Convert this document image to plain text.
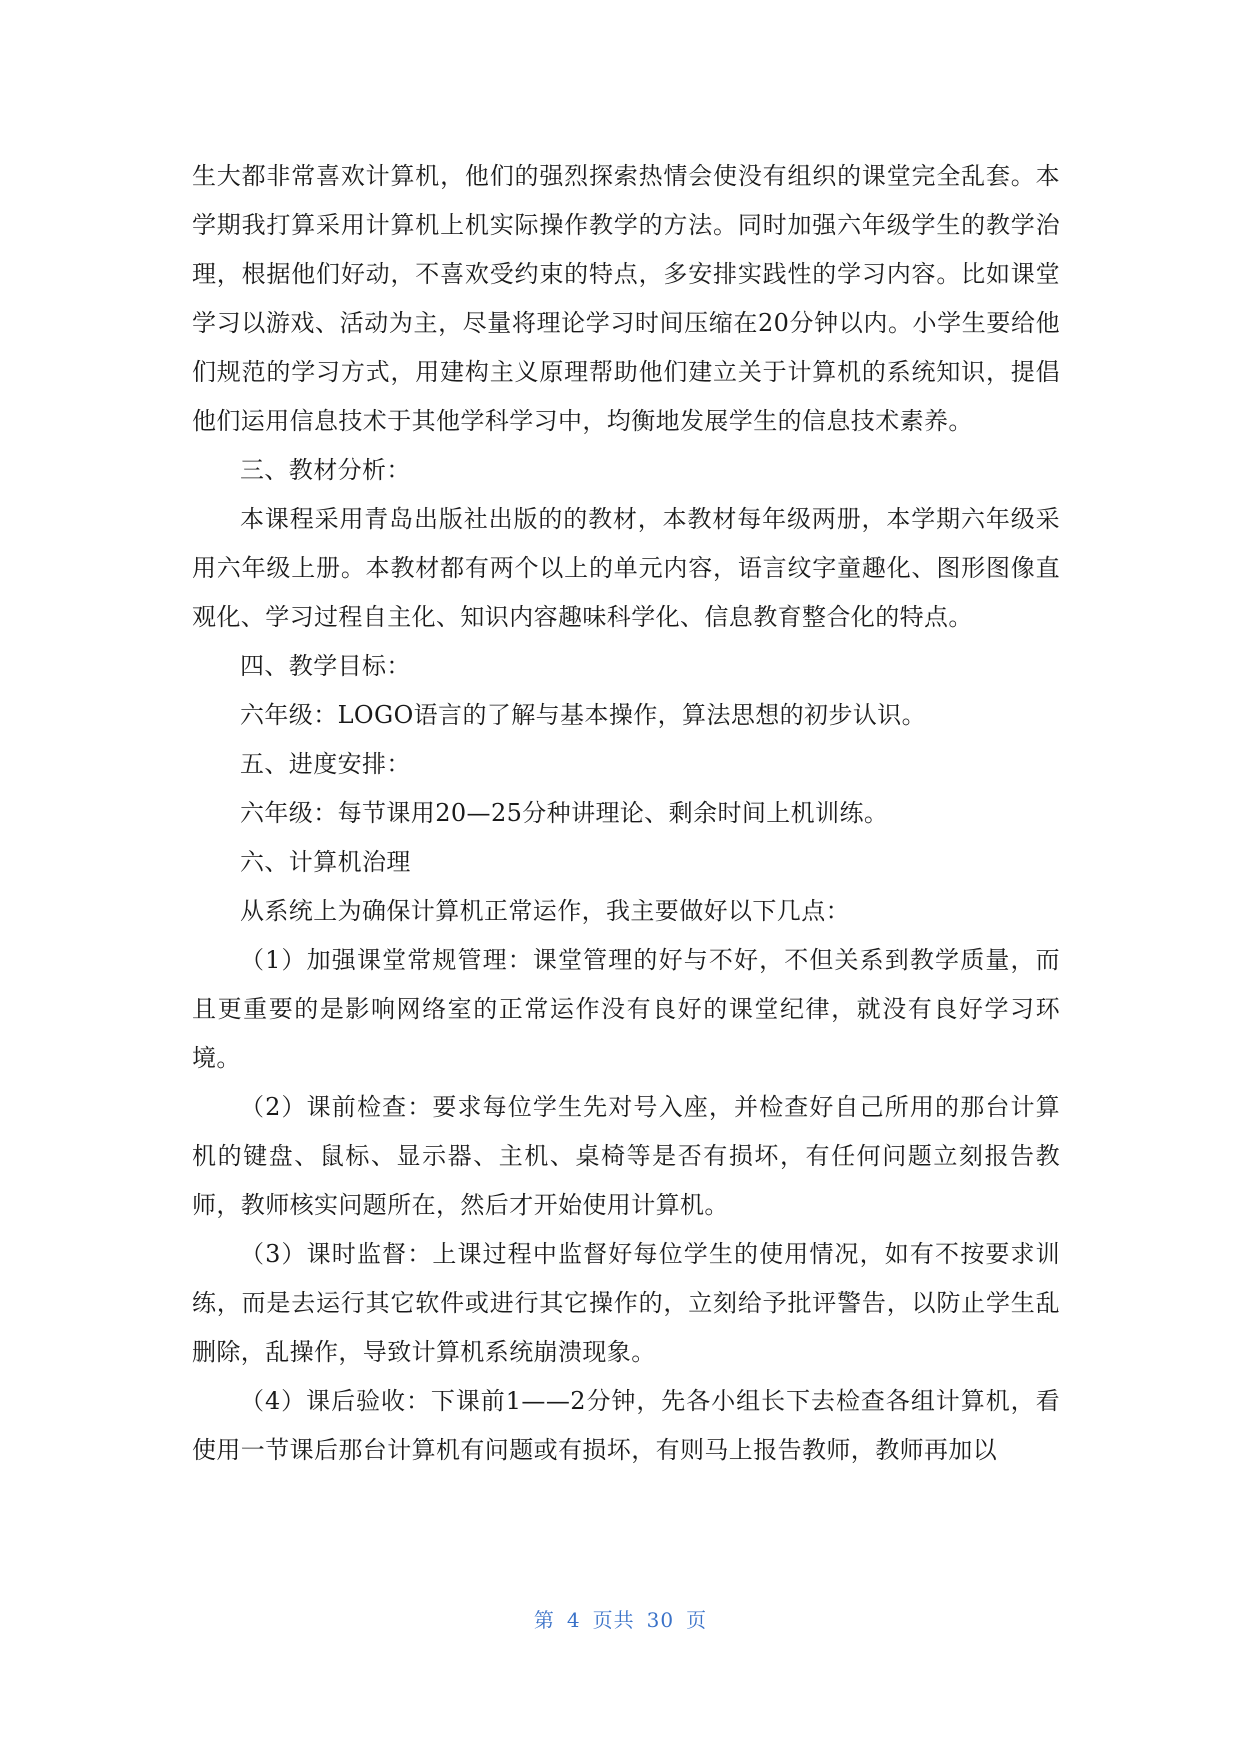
生大都非常喜欢计算机，他们的强烈探索热情会使没有组织的课堂完全乱套。本学期我打算采用计算机上机实际操作教学的方法。同时加强六年级学生的教学治理，根据他们好动，不喜欢受约束的特点，多安排实践性的学习内容。比如课堂学习以游戏、活动为主，尽量将理论学习时间压缩在20分钟以内。小学生要给他们规范的学习方式，用建构主义原理帮助他们建立关于计算机的系统知识，提倡他们运用信息技术于其他学科学习中，均衡地发展学生的信息技术素养。

三、教材分析：

本课程采用青岛出版社出版的的教材，本教材每年级两册，本学期六年级采用六年级上册。本教材都有两个以上的单元内容，语言纹字童趣化、图形图像直观化、学习过程自主化、知识内容趣味科学化、信息教育整合化的特点。

四、教学目标：

六年级：LOGO语言的了解与基本操作，算法思想的初步认识。

五、进度安排：

六年级：每节课用20—25分种讲理论、剩余时间上机训练。

六、计算机治理

从系统上为确保计算机正常运作，我主要做好以下几点：

（1）加强课堂常规管理：课堂管理的好与不好，不但关系到教学质量，而且更重要的是影响网络室的正常运作没有良好的课堂纪律，就没有良好学习环境。

（2）课前检查：要求每位学生先对号入座，并检查好自己所用的那台计算机的键盘、鼠标、显示器、主机、桌椅等是否有损坏，有任何问题立刻报告教师，教师核实问题所在，然后才开始使用计算机。

（3）课时监督：上课过程中监督好每位学生的使用情况，如有不按要求训练，而是去运行其它软件或进行其它操作的，立刻给予批评警告，以防止学生乱删除，乱操作，导致计算机系统崩溃现象。

（4）课后验收：下课前1——2分钟，先各小组长下去检查各组计算机，看使用一节课后那台计算机有问题或有损坏，有则马上报告教师，教师再加以

第 4 页共 30 页
